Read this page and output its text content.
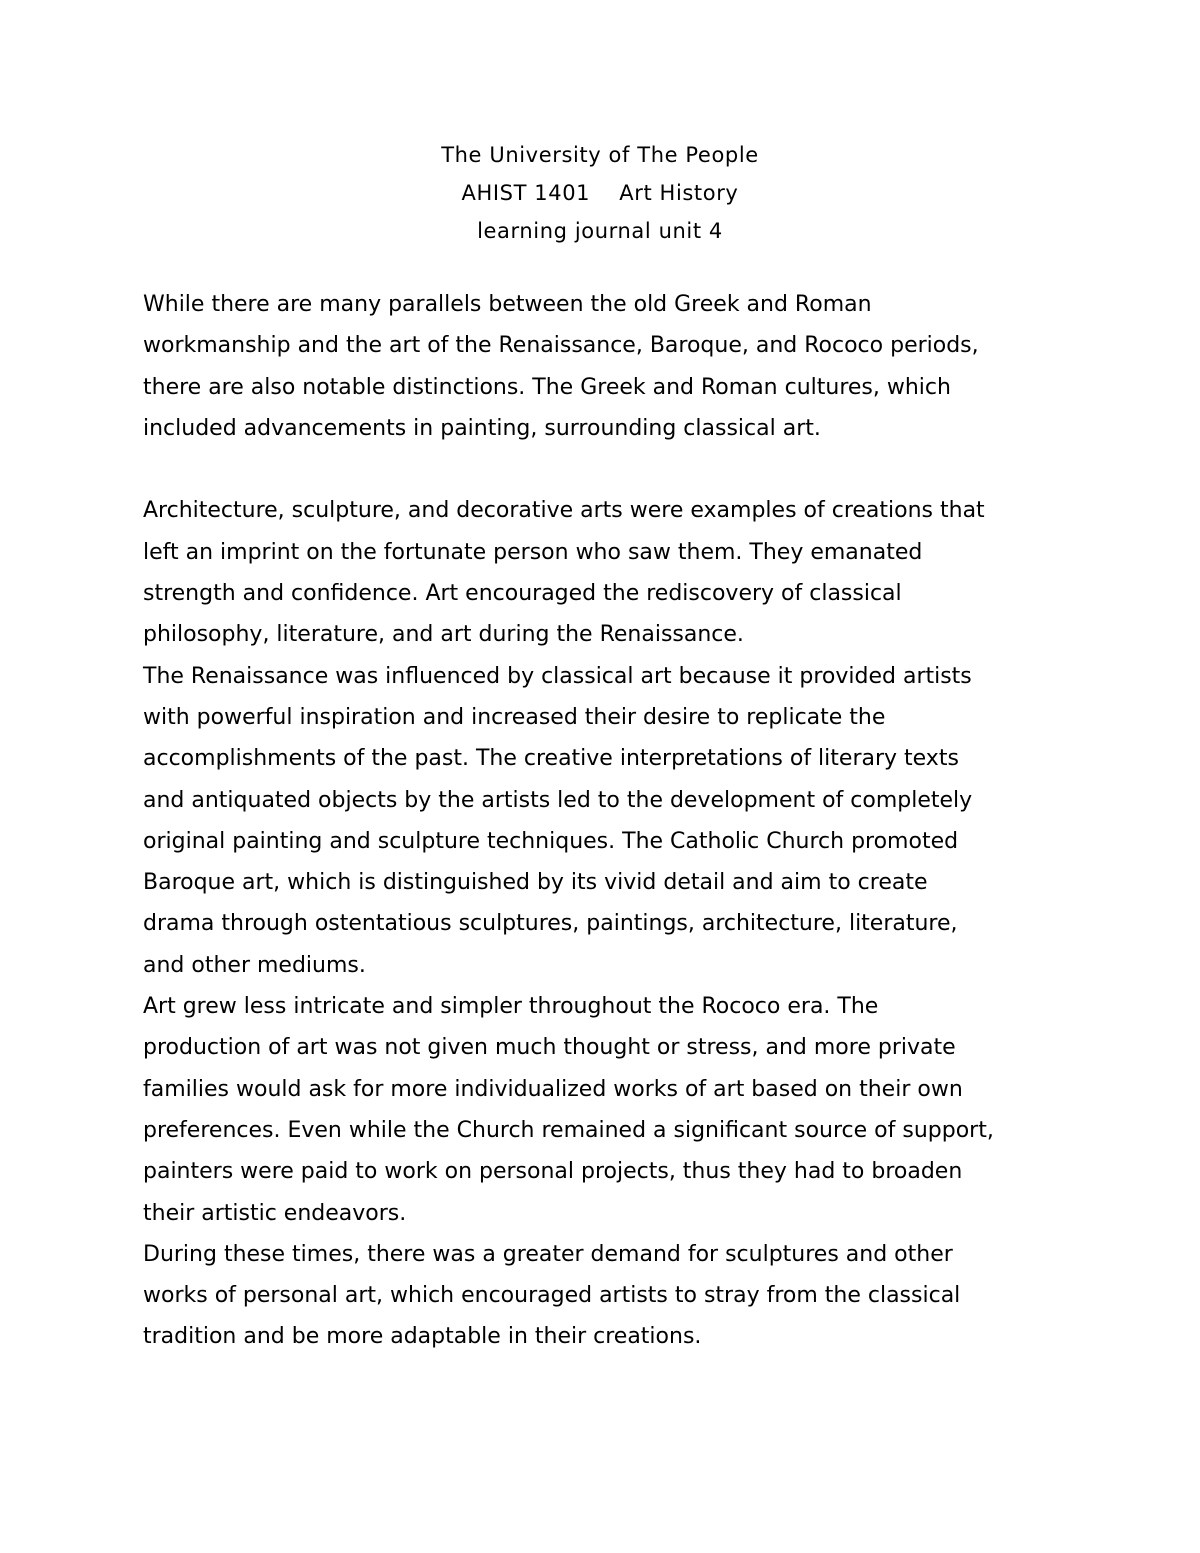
The University of The People
AHIST 1401    Art History
learning journal unit 4
While there are many parallels between the old Greek and Roman
workmanship and the art of the Renaissance, Baroque, and Rococo periods,
there are also notable distinctions. The Greek and Roman cultures, which
included advancements in painting, surrounding classical art.
Architecture, sculpture, and decorative arts were examples of creations that
left an imprint on the fortunate person who saw them. They emanated
strength and confidence. Art encouraged the rediscovery of classical
philosophy, literature, and art during the Renaissance.
The Renaissance was influenced by classical art because it provided artists
with powerful inspiration and increased their desire to replicate the
accomplishments of the past. The creative interpretations of literary texts
and antiquated objects by the artists led to the development of completely
original painting and sculpture techniques. The Catholic Church promoted
Baroque art, which is distinguished by its vivid detail and aim to create
drama through ostentatious sculptures, paintings, architecture, literature,
and other mediums.
Art grew less intricate and simpler throughout the Rococo era. The
production of art was not given much thought or stress, and more private
families would ask for more individualized works of art based on their own
preferences. Even while the Church remained a significant source of support,
painters were paid to work on personal projects, thus they had to broaden
their artistic endeavors.
During these times, there was a greater demand for sculptures and other
works of personal art, which encouraged artists to stray from the classical
tradition and be more adaptable in their creations.
